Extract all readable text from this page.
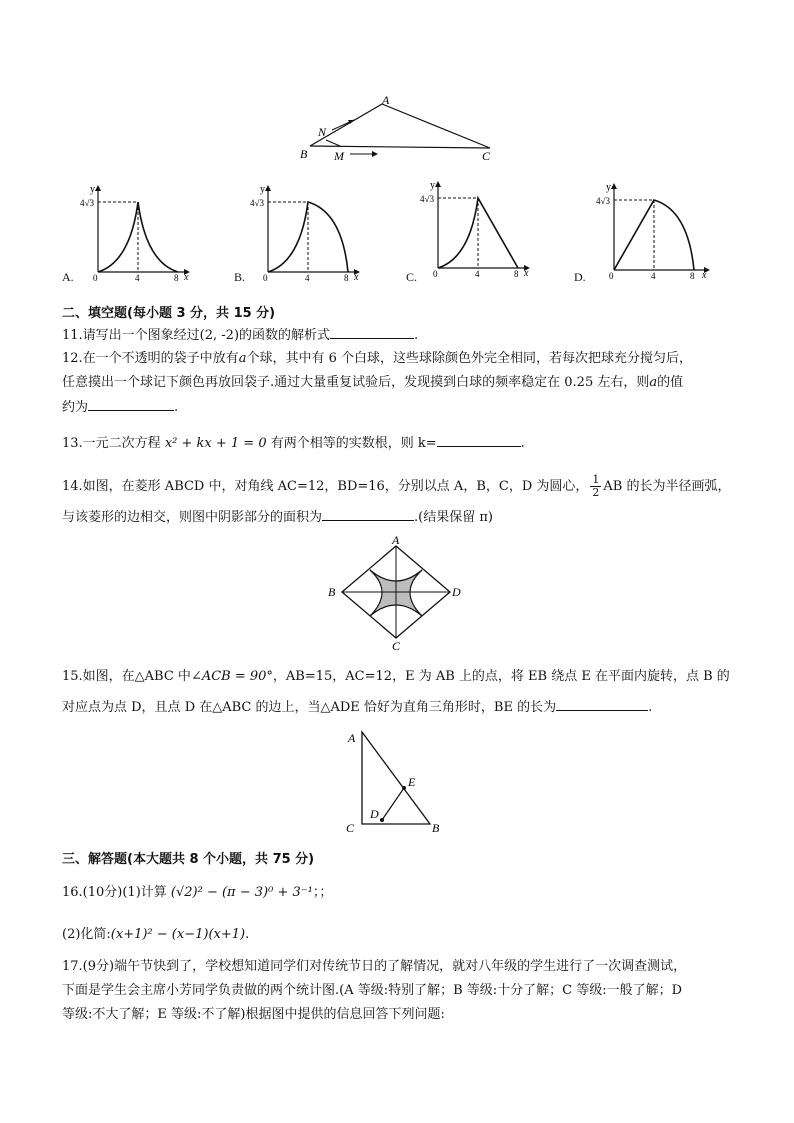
A
N
B M	C
y
x
4√3
0	4	8
A.
y
x
4√3
0	4	8
B.
y
x
4√3
0	4	8
C.
y
x
4√3
0	4	8
D.
二、填空题(每小题 3 分，共 15 分)
11.请写出一个图象经过(2, -2)的函数的解析式	.
12.在一个不透明的袋子中放有a个球，其中有 6 个白球，这些球除颜色外完全相同，若每次把球充分搅匀后，
任意摸出一个球记下颜色再放回袋子.通过大量重复试验后，发现摸到白球的频率稳定在 0.25 左右，则a的值
约为	.
13.一元二次方程 x² + kx + 1 = 0 有两个相等的实数根，则 k=	.
14.如图，在菱形 ABCD 中，对角线 AC=12，BD=16，分别以点 A，B，C，D 为圆心， $\frac{1}{2}$ AB 的长为半径画弧，
与该菱形的边相交，则图中阴影部分的面积为	.(结果保留 π)
A
B
C
D
15.如图，在△ABC 中∠ACB = 90°，AB=15，AC=12，E 为 AB 上的点，将 EB 绕点 E 在平面内旋转，点 B 的
对应点为点 D，且点 D 在△ABC 的边上，当△ADE 恰好为直角三角形时，BE 的长为	.
A
E
D
C	B
三、解答题(本大题共 8 个小题，共 75 分)
16.(10分)(1)计算 (√2)² − (π − 3)⁰ + 3⁻¹；；
(2)化简:(x+1)² − (x−1)(x+1).
17.(9分)端午节快到了，学校想知道同学们对传统节日的了解情况，就对八年级的学生进行了一次调查测试，
下面是学生会主席小芳同学负责做的两个统计图.(A 等级:特别了解；B 等级:十分了解；C 等级:一般了解；D
等级:不大了解；E 等级:不了解)根据图中提供的信息回答下列问题:
